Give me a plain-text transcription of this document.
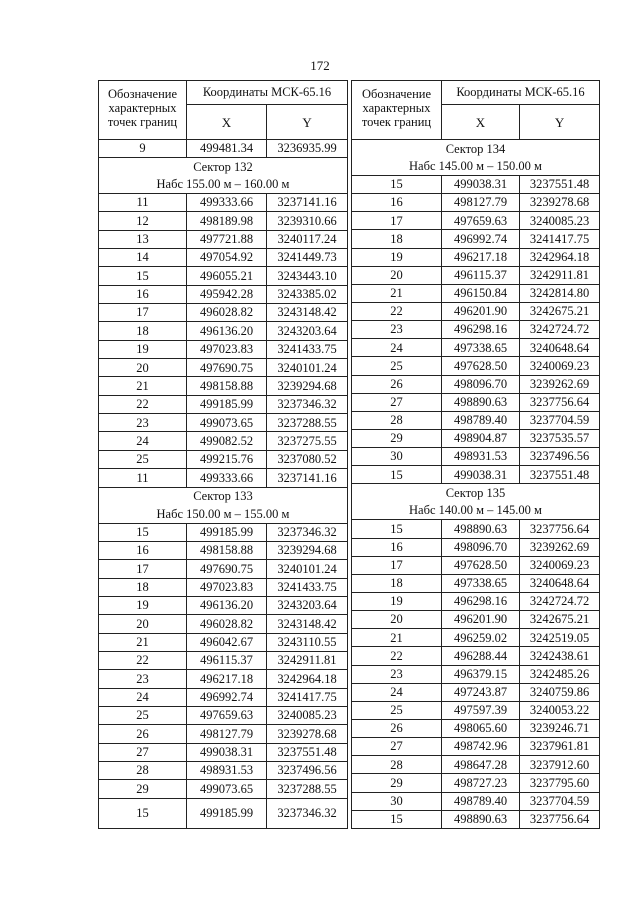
172
Обозначение характерных точек границ	Координаты МСК-65.16	
	X	Y
9	499481.34	3236935.99
Сектор 132		
Набс 155.00 м – 160.00 м		
11	499333.66	3237141.16
12	498189.98	3239310.66
13	497721.88	3240117.24
14	497054.92	3241449.73
15	496055.21	3243443.10
16	495942.28	3243385.02
17	496028.82	3243148.42
18	496136.20	3243203.64
19	497023.83	3241433.75
20	497690.75	3240101.24
21	498158.88	3239294.68
22	499185.99	3237346.32
23	499073.65	3237288.55
24	499082.52	3237275.55
25	499215.76	3237080.52
11	499333.66	3237141.16
Сектор 133		
Набс 150.00 м – 155.00 м		
15	499185.99	3237346.32
16	498158.88	3239294.68
17	497690.75	3240101.24
18	497023.83	3241433.75
19	496136.20	3243203.64
20	496028.82	3243148.42
21	496042.67	3243110.55
22	496115.37	3242911.81
23	496217.18	3242964.18
24	496992.74	3241417.75
25	497659.63	3240085.23
26	498127.79	3239278.68
27	499038.31	3237551.48
28	498931.53	3237496.56
29	499073.65	3237288.55
15	499185.99	3237346.32
Обозначение характерных точек границ	Координаты МСК-65.16	
	X	Y
Сектор 134		
Набс 145.00 м – 150.00 м		
15	499038.31	3237551.48
16	498127.79	3239278.68
17	497659.63	3240085.23
18	496992.74	3241417.75
19	496217.18	3242964.18
20	496115.37	3242911.81
21	496150.84	3242814.80
22	496201.90	3242675.21
23	496298.16	3242724.72
24	497338.65	3240648.64
25	497628.50	3240069.23
26	498096.70	3239262.69
27	498890.63	3237756.64
28	498789.40	3237704.59
29	498904.87	3237535.57
30	498931.53	3237496.56
15	499038.31	3237551.48
Сектор 135		
Набс 140.00 м – 145.00 м		
15	498890.63	3237756.64
16	498096.70	3239262.69
17	497628.50	3240069.23
18	497338.65	3240648.64
19	496298.16	3242724.72
20	496201.90	3242675.21
21	496259.02	3242519.05
22	496288.44	3242438.61
23	496379.15	3242485.26
24	497243.87	3240759.86
25	497597.39	3240053.22
26	498065.60	3239246.71
27	498742.96	3237961.81
28	498647.28	3237912.60
29	498727.23	3237795.60
30	498789.40	3237704.59
15	498890.63	3237756.64
